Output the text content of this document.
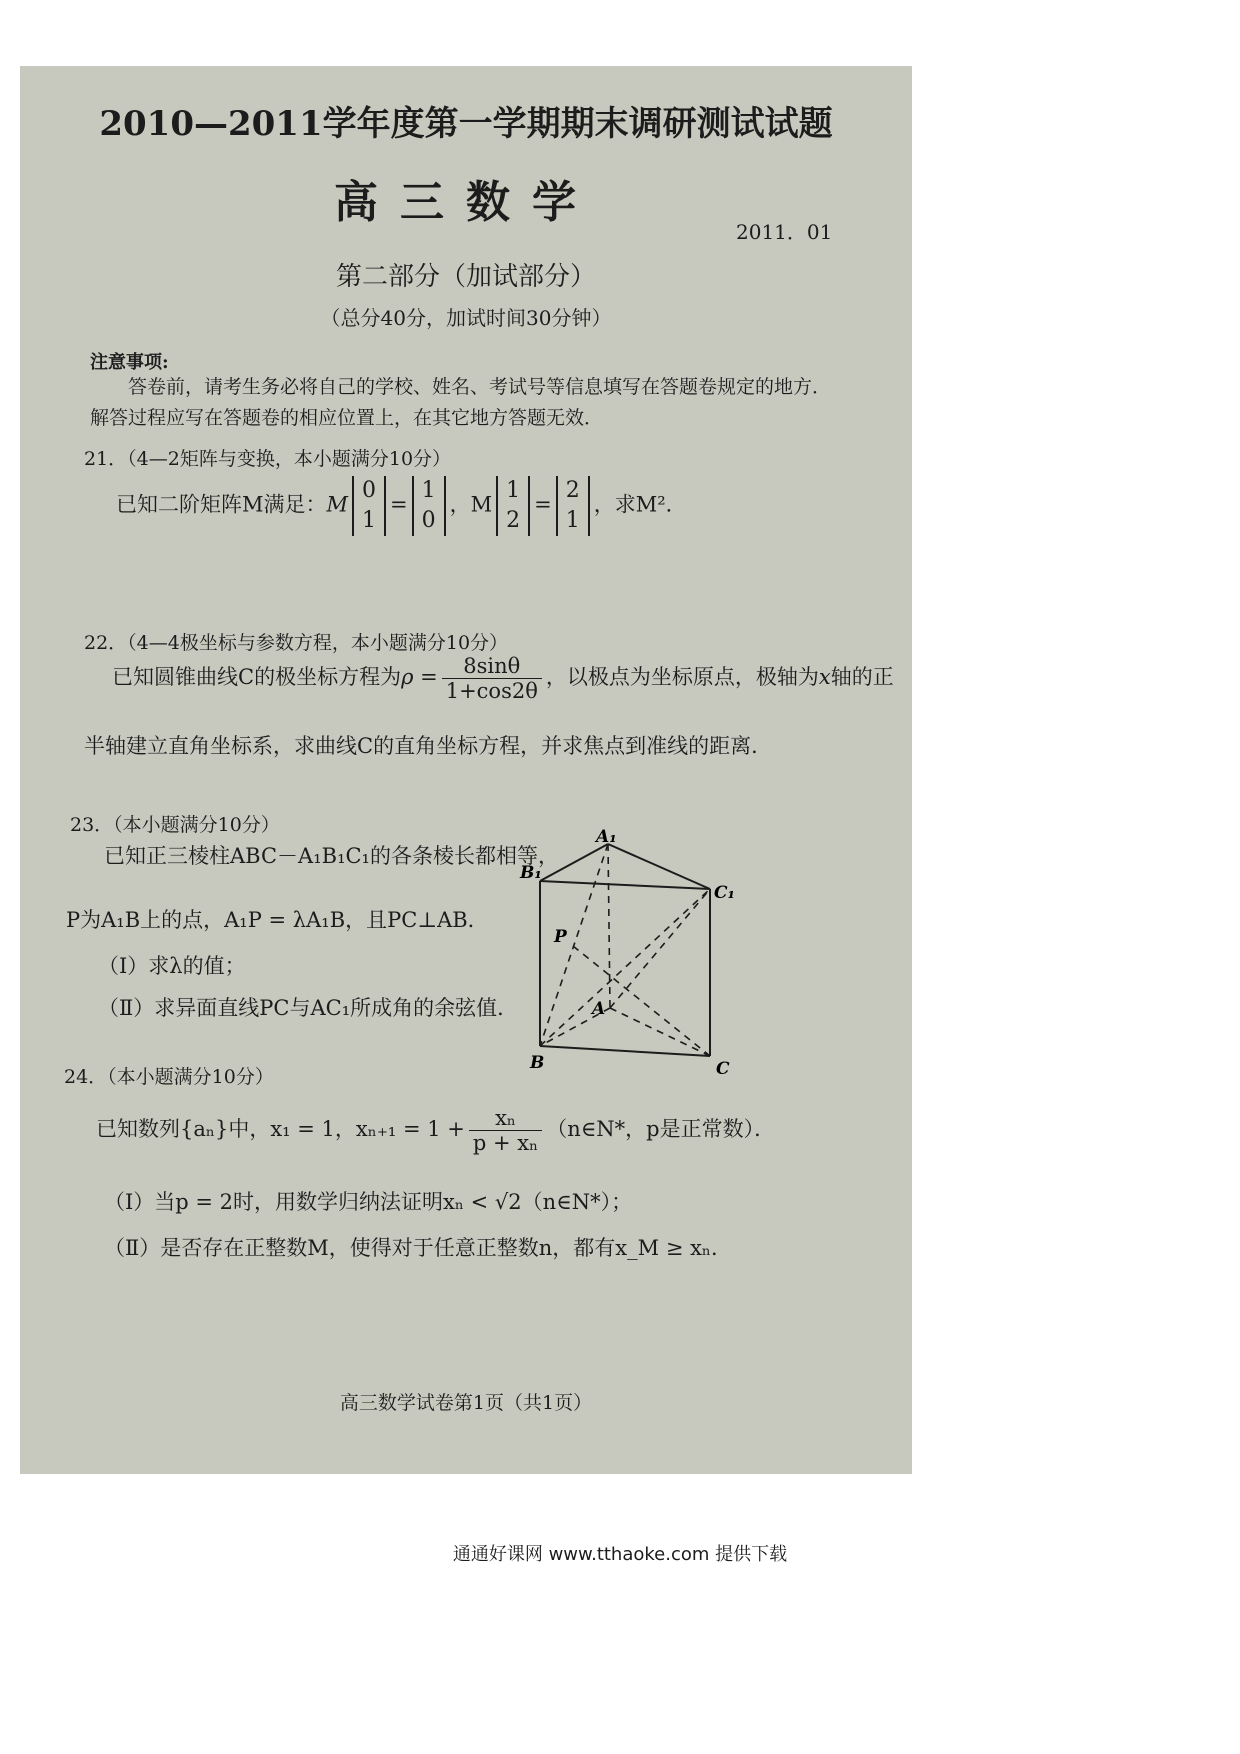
2010—2011学年度第一学期期末调研测试试题
高三数学
2011．01
第二部分（加试部分）
（总分40分，加试时间30分钟）
注意事项:
答卷前，请考生务必将自己的学校、姓名、考试号等信息填写在答题卷规定的地方．解答过程应写在答题卷的相应位置上，在其它地方答题无效．
21．（4—2矩阵与变换，本小题满分10分）
已知二阶矩阵M满足：M0
1=1
0，M1
2=2
1，求M²．
22．（4—4极坐标与参数方程，本小题满分10分）
已知圆锥曲线C的极坐标方程为$\rho = \frac{8\sin\theta}{1+\cos 2\theta}$ ，以极点为坐标原点，极轴为x轴的正
半轴建立直角坐标系，求曲线C的直角坐标方程，并求焦点到准线的距离．
23．（本小题满分10分）
已知正三棱柱ABC－A₁B₁C₁的各条棱长都相等，
P为A₁B上的点，A₁P = λA₁B，且PC⊥AB．
（Ⅰ）求λ的值；
（Ⅱ）求异面直线PC与AC₁所成角的余弦值．
A₁
B₁
C₁
P
A
B	C
24．（本小题满分10分）
已知数列{aₙ}中，x₁ = 1，$x_{n+1} = 1 + \frac{\text{xₙ}}{\text{p + xₙ}}$ （n∈N*，p是正常数）．
（Ⅰ）当p = 2时，用数学归纳法证明xₙ < √2（n∈N*）；
（Ⅱ）是否存在正整数M，使得对于任意正整数n，都有x_M ≥ xₙ．
高三数学试卷第1页（共1页）
通通好课网 www.tthaoke.com 提供下载
